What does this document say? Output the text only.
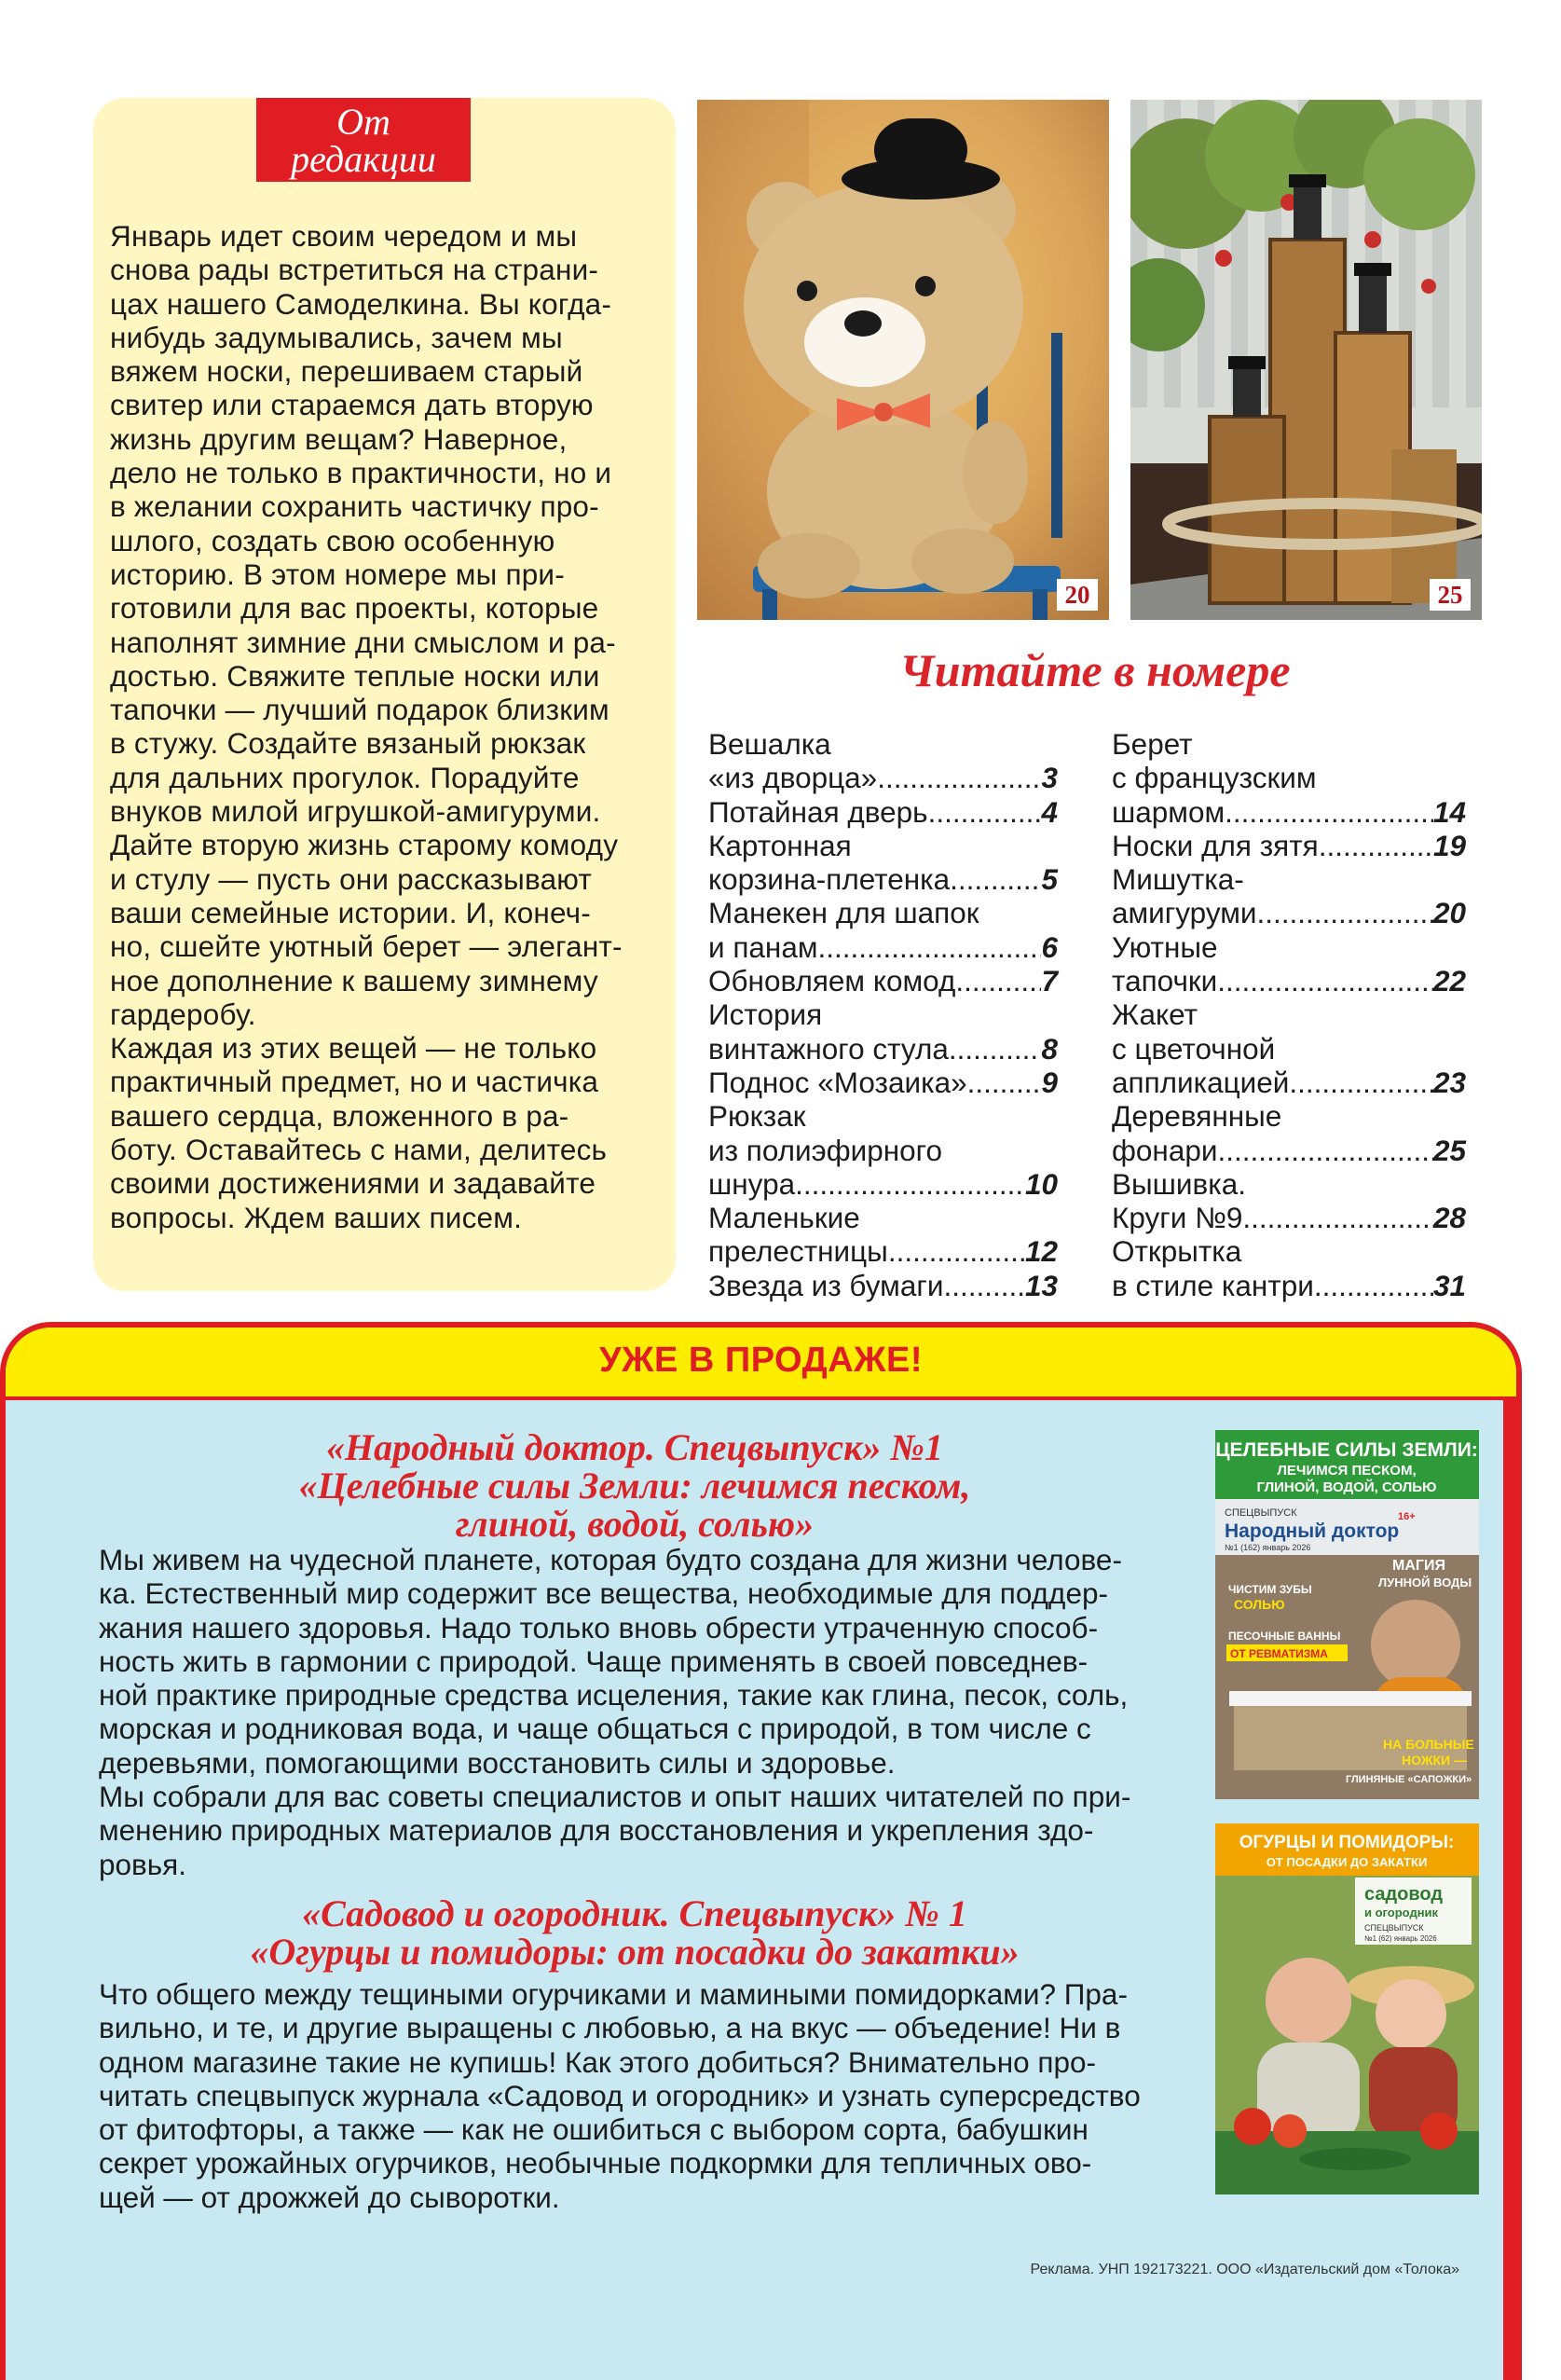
От
редакции

Январь идет своим чередом и мы

снова рады встретиться на страни-

цах нашего Самоделкина. Вы когда-

нибудь задумывались, зачем мы

вяжем носки, перешиваем старый

свитер или стараемся дать вторую

жизнь другим вещам? Наверное,

дело не только в практичности, но и

в желании сохранить частичку про-

шлого, создать свою особенную

историю. В этом номере мы при-

готовили для вас проекты, которые

наполнят зимние дни смыслом и ра-

достью. Свяжите теплые носки или

тапочки — лучший подарок близким

в стужу. Создайте вязаный рюкзак

для дальних прогулок. Порадуйте

внуков милой игрушкой-амигуруми.

Дайте вторую жизнь старому комоду

и стулу — пусть они рассказывают

ваши семейные истории. И, конеч-

но, сшейте уютный берет — элегант-

ное дополнение к вашему зимнему

гардеробу.

Каждая из этих вещей — не только

практичный предмет, но и частичка

вашего сердца, вложенного в ра-

боту. Оставайтесь с нами, делитесь

своими достижениями и задавайте

вопросы. Ждем ваших писем.

20	25
Читайте в номере
Вешалка
«из дворца» .....	3
Потайная дверь .....	4
Картонная
корзина-плетенка .....	5
Манекен для шапок
и панам .....	6
Обновляем комод .....	7
История
винтажного стула .....	8
Поднос «Мозаика» .....	9
Рюкзак
из полиэфирного
шнура .....	10
Маленькие
прелестницы .....	12
Звезда из бумаги .....	13
Берет
с французским
шармом .....	14
Носки для зятя .....	19
Мишутка-
амигуруми .....	20
Уютные
тапочки .....	22
Жакет
с цветочной
аппликацией .....	23
Деревянные
фонари .....	25
Вышивка.
Круги №9 .....	28
Открытка
в стиле кантри .....	31
УЖЕ В ПРОДАЖЕ!
«Народный доктор. Спецвыпуск» №1
«Целебные силы Земли: лечимся песком,
глиной, водой, солью»

Мы живем на чудесной планете, которая будто создана для жизни челове-

ка. Естественный мир содержит все вещества, необходимые для поддер-

жания нашего здоровья. Надо только вновь обрести утраченную способ-

ность жить в гармонии с природой. Чаще применять в своей повседнев-

ной практике природные средства исцеления, такие как глина, песок, соль,

морская и родниковая вода, и чаще общаться с природой, в том числе с

деревьями, помогающими восстановить силы и здоровье.

Мы собрали для вас советы специалистов и опыт наших читателей по при-

менению природных материалов для восстановления и укрепления здо-

ровья.

«Садовод и огородник. Спецвыпуск» № 1
«Огурцы и помидоры: от посадки до закатки»

Что общего между тещиными огурчиками и мамиными помидорками? Пра-

вильно, и те, и другие выращены с любовью, а на вкус — объедение! Ни в

одном магазине такие не купишь! Как этого добиться? Внимательно про-

читать спецвыпуск журнала «Садовод и огородник» и узнать суперсредство

от фитофторы, а также — как не ошибиться с выбором сорта, бабушкин

секрет урожайных огурчиков, необычные подкормки для тепличных ово-

щей — от дрожжей до сыворотки.

Реклама. УНП 192173221. ООО «Издательский дом «Толока»
ЦЕЛЕБНЫЕ СИЛЫ ЗЕМЛИ:
ЛЕЧИМСЯ ПЕСКОМ,
ГЛИНОЙ, ВОДОЙ, СОЛЬЮ
СПЕЦВЫПУСК
Народный доктор
16+
№1 (162) январь 2026
МАГИЯ
ЛУННОЙ ВОДЫ
ЧИСТИМ ЗУБЫ
СОЛЬЮ
ПЕСОЧНЫЕ ВАННЫ
ОТ РЕВМАТИЗМА
НА БОЛЬНЫЕ
НОЖКИ —
ГЛИНЯНЫЕ «САПОЖКИ»
ОГУРЦЫ И ПОМИДОРЫ:
ОТ ПОСАДКИ ДО ЗАКАТКИ
садовод
и огородник
СПЕЦВЫПУСК
№1 (62) январь 2026
